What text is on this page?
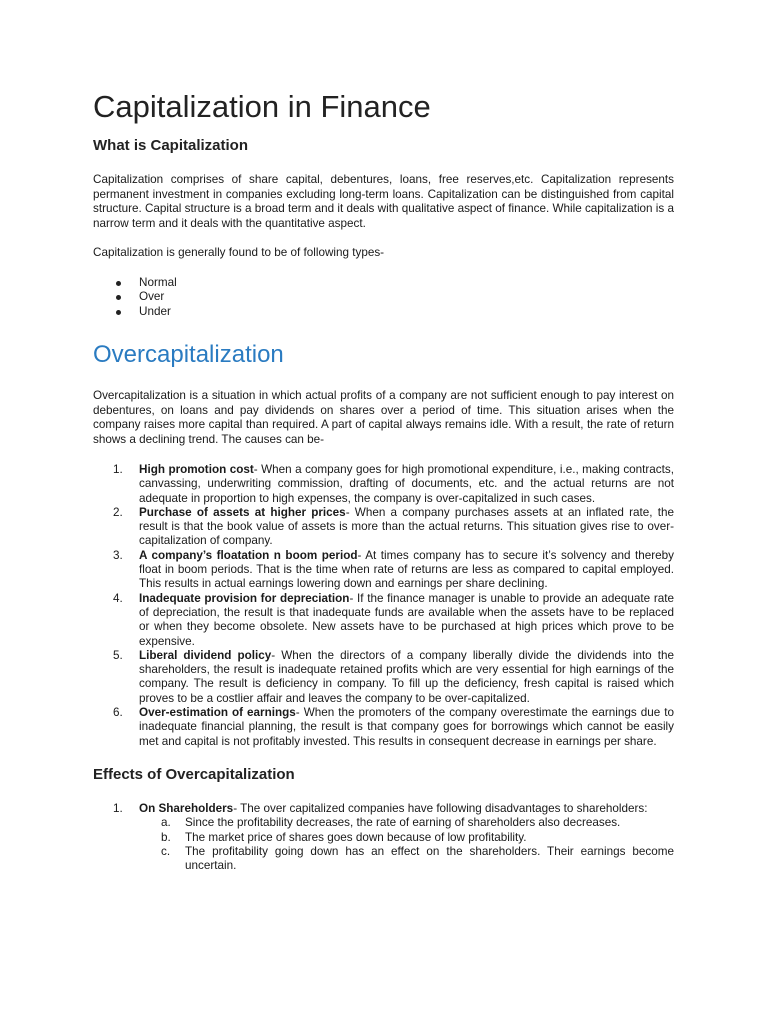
Capitalization in Finance
What is Capitalization

Capitalization comprises of share capital, debentures, loans, free reserves,etc. Capitalization represents permanent investment in companies excluding long-term loans. Capitalization can be distinguished from capital structure. Capital structure is a broad term and it deals with qualitative aspect of finance. While capitalization is a narrow term and it deals with the quantitative aspect.

Capitalization is generally found to be of following types-

Normal
Over
Under
Overcapitalization

Overcapitalization is a situation in which actual profits of a company are not sufficient enough to pay interest on debentures, on loans and pay dividends on shares over a period of time. This situation arises when the company raises more capital than required. A part of capital always remains idle. With a result, the rate of return shows a declining trend. The causes can be-

1. High promotion cost- When a company goes for high promotional expenditure, i.e., making contracts, canvassing, underwriting commission, drafting of documents, etc. and the actual returns are not adequate in proportion to high expenses, the company is over-capitalized in such cases.
2. Purchase of assets at higher prices- When a company purchases assets at an inflated rate, the result is that the book value of assets is more than the actual returns. This situation gives rise to over-capitalization of company.
3. A company’s floatation n boom period- At times company has to secure it’s solvency and thereby float in boom periods. That is the time when rate of returns are less as compared to capital employed. This results in actual earnings lowering down and earnings per share declining.
4. Inadequate provision for depreciation- If the finance manager is unable to provide an adequate rate of depreciation, the result is that inadequate funds are available when the assets have to be replaced or when they become obsolete. New assets have to be purchased at high prices which prove to be expensive.
5. Liberal dividend policy- When the directors of a company liberally divide the dividends into the shareholders, the result is inadequate retained profits which are very essential for high earnings of the company. The result is deficiency in company. To fill up the deficiency, fresh capital is raised which proves to be a costlier affair and leaves the company to be over-capitalized.
6. Over-estimation of earnings- When the promoters of the company overestimate the earnings due to inadequate financial planning, the result is that company goes for borrowings which cannot be easily met and capital is not profitably invested. This results in consequent decrease in earnings per share.
Effects of Overcapitalization
1. On Shareholders- The over capitalized companies have following disadvantages to shareholders:
a. Since the profitability decreases, the rate of earning of shareholders also decreases.
b. The market price of shares goes down because of low profitability.
c. The profitability going down has an effect on the shareholders. Their earnings become uncertain.
